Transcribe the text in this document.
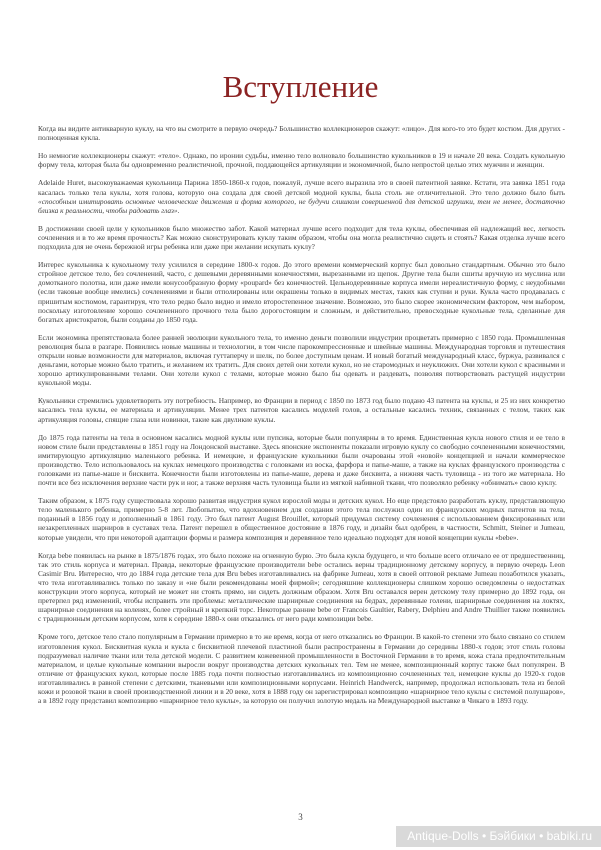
Вступление

Когда вы видите антикварную куклу, на что вы смотрите в первую очередь? Большинство коллекционеров скажут: «лицо». Для кого-то это будет костюм. Для других - полноценная кукла.

Но немногие коллекционеры скажут: «тело». Однако, по иронии судьбы, именно тело волновало большинство кукольников в 19 и начале 20 века. Создать кукольную форму тела, которая была бы одновременно реалистичной, прочной, поддающейся артикуляции и экономичной, было непростой целью этих мужчин и женщин.

Adelaide Huret, высокоуважаемая кукольница Парижа 1850-1860-х годов, пожалуй, лучше всего выразила это в своей патентной заявке. Кстати, эта заявка 1851 года касалась только тела куклы, хотя голова, которую она создала для своей детской модной куклы, была столь же отличительной. Это тело должно было быть «способным имитировать основные человеческие движения и форма которого, не будучи слишком совершенной для детской игрушки, тем не менее, достаточно близка к реальности, чтобы радовать глаз».

В достижении своей цели у кукольников было множество забот. Какой материал лучше всего подходит для тела куклы, обеспечивая ей надлежащий вес, легкость сочленения и в то же время прочность? Как можно сконструировать куклу таким образом, чтобы она могла реалистично сидеть и стоять? Какая отделка лучше всего подходила для не очень бережной игры ребенка или даже при желании искупать куклу?

Интерес кукольника к кукольному телу усилился в середине 1800-х годов. До этого времени коммерческий корпус был довольно стандартным. Обычно это было стройное детское тело, без сочленений, часто, с дешевыми деревянными конечностями, вырезанными из щепок. Другие тела были сшиты вручную из муслина или домотканого полотна, или даже имели конусообразную форму «poupard» без конечностей. Цельнодеревянные корпуса имели нереалистичную форму, с неудобными (если таковые вообще имелись) сочленениями и были отполированы или окрашены только в видимых местах, таких как ступни и руки. Кукла часто продавалась с пришитым костюмом, гарантируя, что тело редко было видно и имело второстепенное значение. Возможно, это было скорее экономическим фактором, чем выбором, поскольку изготовление хорошо сочлененного прочного тела было дорогостоящим и сложным, и действительно, превосходные кукольные тела, сделанные для богатых аристократов, были созданы до 1850 года.

Если экономика препятствовала более ранней эволюции кукольного тела, то именно деньги позволили индустрии процветать примерно с 1850 года. Промышленная революция была в разгаре. Появились новые машины и технологии, в том числе парокомпрессионные и швейные машины. Международная торговля и путешествия открыли новые возможности для материалов, включая гуттаперчу и шелк, по более доступным ценам. И новый богатый международный класс, буржуа, развивался с деньгами, которые можно было тратить, и желанием их тратить. Для своих детей они хотели кукол, но не старомодных и неуклюжих. Они хотели кукол с красивыми и хорошо артикулированными телами. Они хотели кукол с телами, которые можно было бы одевать и раздевать, позволяя потворствовать растущей индустрии кукольной моды.

Кукольники стремились удовлетворить эту потребность. Например, во Франции в период с 1850 по 1873 год было подано 43 патента на куклы, и 25 из них конкретно касались тела куклы, ее материала и артикуляции. Менее трех патентов касались моделей голов, а остальные касались техник, связанных с телом, таких как артикуляция головы, спящие глаза или новинки, такие как двуликие куклы.

До 1875 года патенты на тела в основном касались модной куклы или пупсика, которые были популярны в то время. Единственная кукла нового стиля и ее тело в новом стиле были представлены в 1851 году на Лондонской выставке. Здесь японские экспоненты показали игровую куклу со свободно сочлененными конечностями, имитирующую артикуляцию маленького ребенка. И немецкие, и французские кукольники были очарованы этой «новой» концепцией и начали коммерческое производство. Тело использовалось на куклах немецкого производства с головками из воска, фарфора и папье-маше, а также на куклах французского производства с головками из папье-маше и бисквита. Конечности были изготовлены из папье-маше, дерева и даже бисквита, а нижняя часть туловища - из того же материала. Но почти все без исключения верхние части рук и ног, а также верхняя часть туловища были из мягкой набивной ткани, что позволяло ребенку «обнимать» свою куклу.

Таким образом, к 1875 году существовала хорошо развитая индустрия кукол взрослой моды и детских кукол. Но еще предстояло разработать куклу, представляющую тело маленького ребенка, примерно 5-8 лет. Любопытно, что вдохновением для создания этого тела послужил один из французских модных патентов на тела, поданный в 1856 году и дополненный в 1861 году. Это был патент August Brouillet, который придумал систему сочленения с использованием фиксированных или незакрепленных шарниров в суставах тела. Патент перешел в общественное достояние в 1876 году, и дизайн был одобрен, в частности, Schmitt, Steiner и Jumeau, которые увидели, что при некоторой адаптации формы и размера композиция и деревянное тело идеально подходят для новой концепции куклы «bebe».

Когда bebe появилась на рынке в 1875/1876 годах, это было похоже на огненную бурю. Это была кукла будущего, и что больше всего отличало ее от предшественниц, так это стиль корпуса и материал. Правда, некоторые французские производители bebe остались верны традиционному детскому корпусу, в первую очередь Leon Casimir Bru. Интересно, что до 1884 года детские тела для Bru bebes изготавливались на фабрике Jumeau, хотя в своей оптовой рекламе Jumeau позаботился указать, что тела изготавливались только по заказу и «не были рекомендованы моей фирмой»; сегодняшние коллекционеры слишком хорошо осведомлены о недостатках конструкции этого корпуса, который не может ни стоять прямо, ни сидеть должным образом. Хотя Bru оставался верен детскому телу примерно до 1892 года, он претерпел ряд изменений, чтобы исправить эти проблемы: металлические шарнирные соединения на бедрах, деревянные голени, шарнирные соединения на локтях, шарнирные соединения на коленях, более стройный и крепкий торс. Некоторые ранние bebe от Francois Gaultier, Rabery, Delphieu and Andre Thuillier также появились с традиционным детским корпусом, хотя к середине 1880-х они отказались от него ради композиции bebe.

Кроме того, детское тело стало популярным в Германии примерно в то же время, когда от него отказались во Франции. В какой-то степени это было связано со стилем изготовления кукол. Бисквитная кукла и кукла с бисквитной плечевой пластиной были распространены в Германии до середины 1880-х годов; этот стиль головы подразумевал наличие ткани или тела детской модели. С развитием кожевенной промышленности в Восточной Германии в то время, кожа стала предпочтительным материалом, и целые кукольные компании выросли вокруг производства детских кукольных тел. Тем не менее, композиционный корпус также был популярен. В отличие от французских кукол, которые после 1885 года почти полностью изготавливались из композиционно сочлененных тел, немецкие куклы до 1920-х годов изготавливались в равной степени с детскими, тканевыми или композиционными корпусами. Heinrich Handwerck, например, продолжал использовать тела из белой кожи и розовой ткани в своей производственной линии и в 20 веке, хотя в 1888 году он зарегистрировал композицию «шарнирное тело куклы с системой полушаров», а в 1892 году представил композицию «шарнирное тело куклы», за которую он получил золотую медаль на Международной выставке в Чикаго в 1893 году.

3
Antique-Dolls • Бэйбики • babiki.ru
